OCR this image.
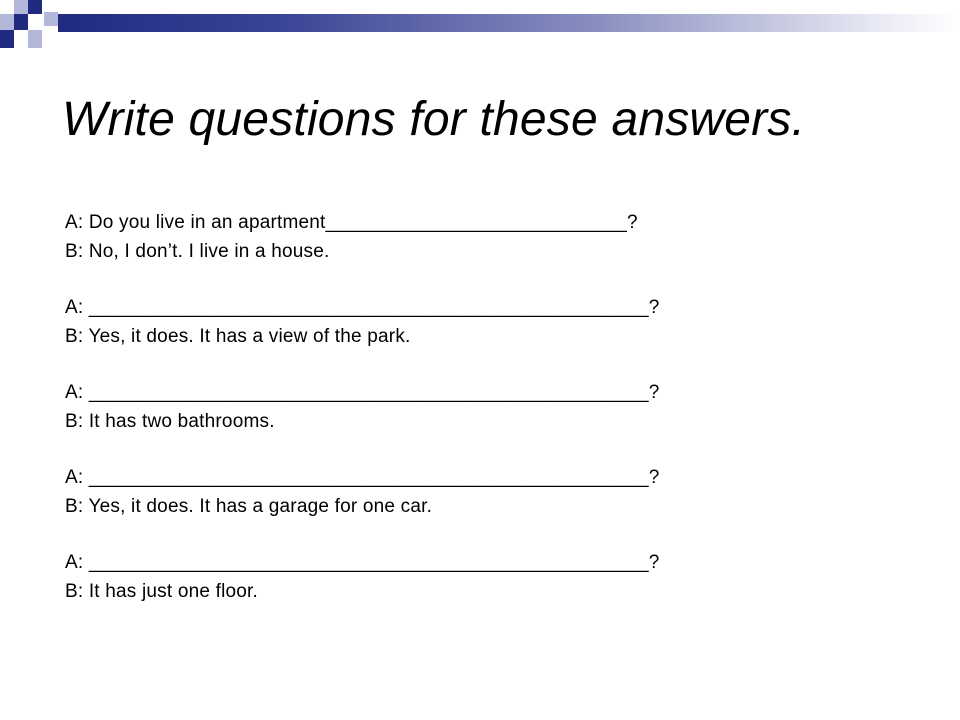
Write questions for these answers.
A: Do you live in an apartment____________________________?
B: No, I don’t. I live in a house.
A: ____________________________________________________?
B: Yes, it does. It has a view of the park.
A: ____________________________________________________?
B: It has two bathrooms.
A: ____________________________________________________?
B: Yes, it does. It has a garage for one car.
A: ____________________________________________________?
B: It has just one floor.
